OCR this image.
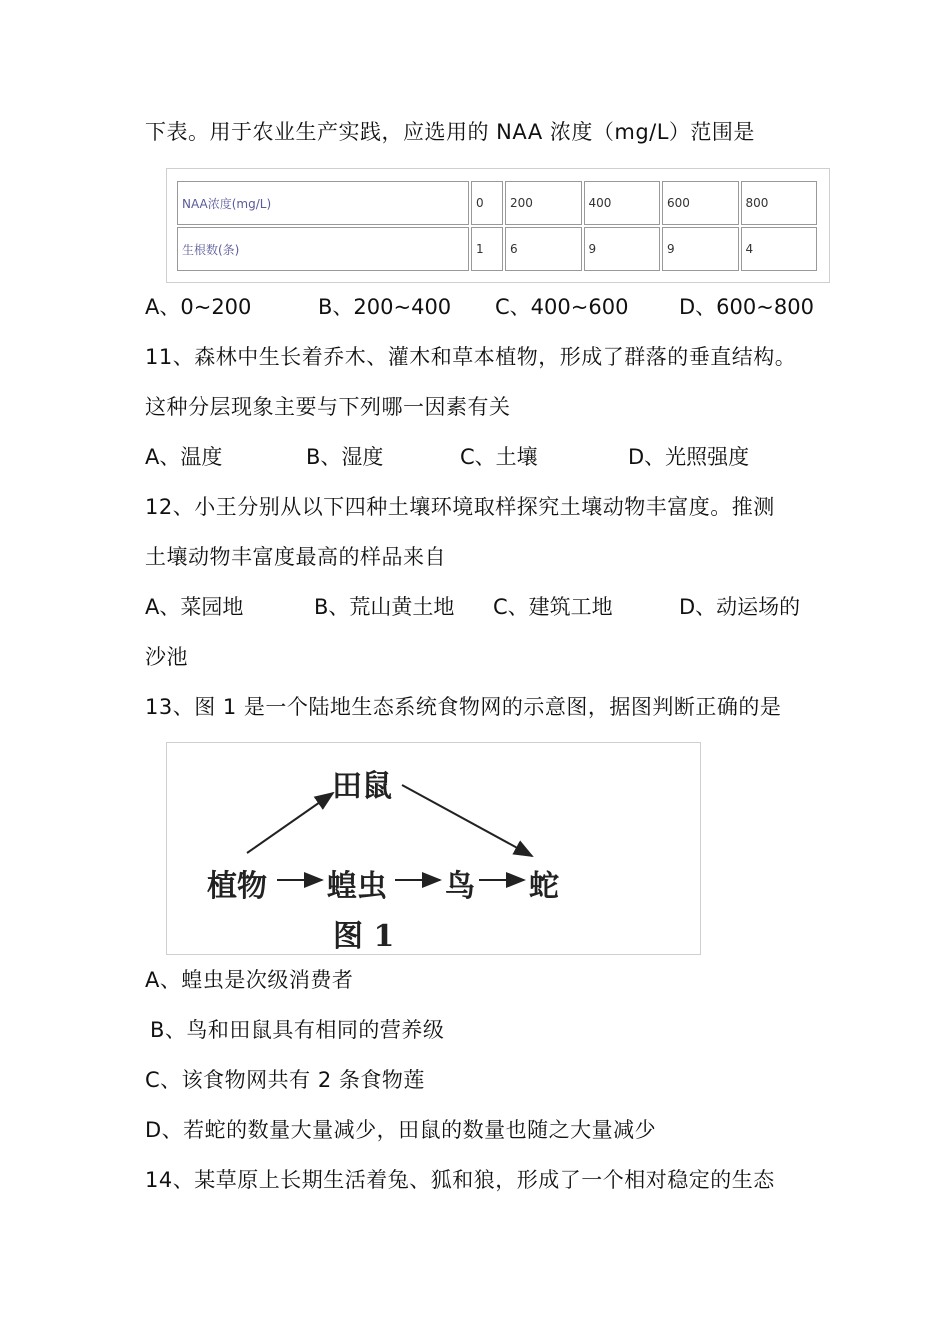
下表。用于农业生产实践，应选用的 NAA 浓度（mg/L）范围是
NAA浓度(mg/L)	0	200	400	600	800
生根数(条)	1	6	9	9	4
A、0~200	B、200~400 C、400~600 D、600~800
11、森林中生长着乔木、灌木和草本植物，形成了群落的垂直结构。
这种分层现象主要与下列哪一因素有关
A、温度	B、湿度	C、土壤	D、光照强度
12、小王分别从以下四种土壤环境取样探究土壤动物丰富度。推测
土壤动物丰富度最高的样品来自
A、菜园地	B、荒山黄土地 C、建筑工地	D、动运场的
沙池
13、图 1 是一个陆地生态系统食物网的示意图，据图判断正确的是
田鼠
植物 蝗虫 鸟 蛇
图 1
A、蝗虫是次级消费者
B、鸟和田鼠具有相同的营养级
C、该食物网共有 2 条食物莲
D、若蛇的数量大量减少，田鼠的数量也随之大量减少
14、某草原上长期生活着兔、狐和狼，形成了一个相对稳定的生态
